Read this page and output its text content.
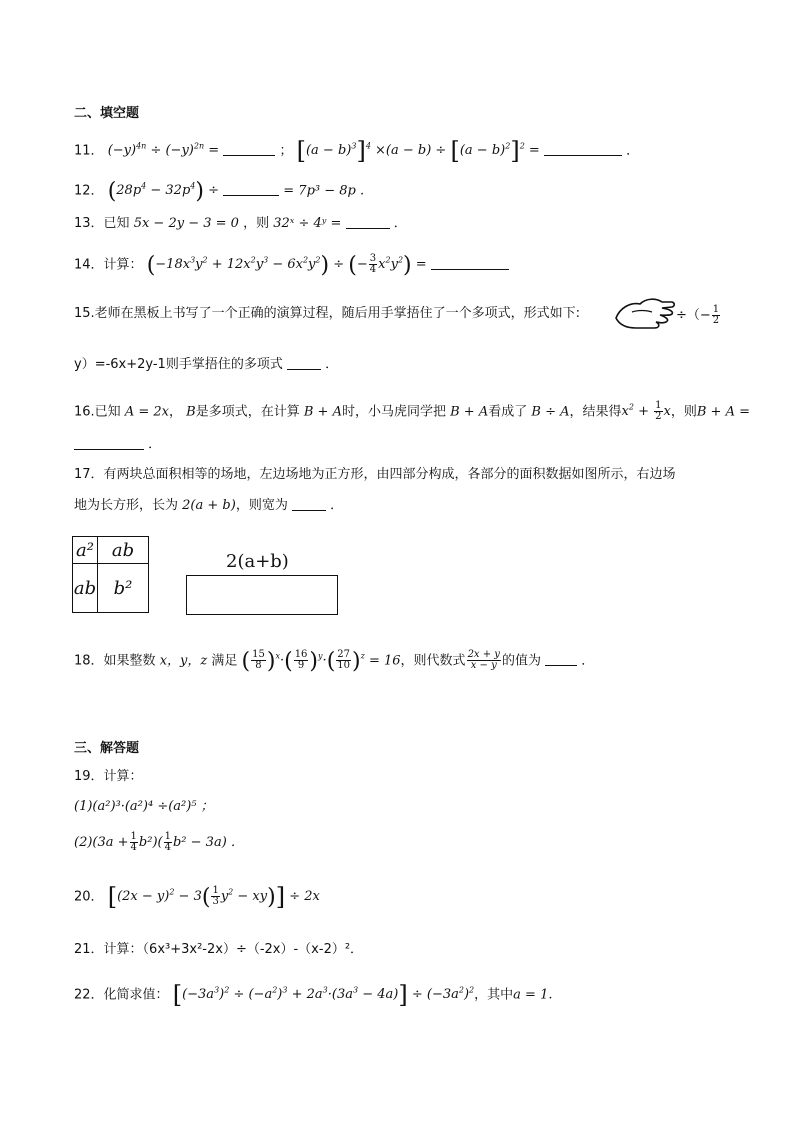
二、填空题
11． $(-y)^{4n} \div (-y)^{2n}$ =	； $[(a - b)^3]^4 \times(a - b) \div [(a - b)^2]^2$ =	．
12． $(28p^4 - 32p^4)$ ÷	= 7p³ − 8p .
13．已知 5x − 2y − 3 = 0 ，则 32ˣ ÷ 4ʸ =	．
14．计算： $(-18x^3y^2 + 12x^2y^3 - 6x^2y^2)$ ÷ (− $\frac{3}{4} x^2y^2$) =
15.老师在黑板上书写了一个正确的演算过程，随后用手掌捂住了一个多项式，形式如下:	÷（− $\frac{1}{2}$
y）=-6x+2y-1则手掌捂住的多项式	．
16.已知 A = 2x， B是多项式，在计算 B + A时，小马虎同学把 B + A看成了 B ÷ A，结果得$x^2 + \frac{1}{2}$ x，则B + A =
．
17．有两块总面积相等的场地，左边场地为正方形，由四部分构成，各部分的面积数据如图所示，右边场
地为长方形，长为 2(a + b)，则宽为	．
a²	ab
ab	b²
2(a+b)
18．如果整数 x，y，z 满足 ( $\frac{15}{8} )^x\cdot( \frac{16}{9} )^y\cdot( \frac{27}{10} )^z = 16$，则代数式 $\frac{2x + y}{x - y}$ 的值为	．
三、解答题
19．计算：
(1)(a²)³·(a²)⁴ ÷(a²)⁵ ；
$(2)(3a + \frac{1}{4} b^2)( \frac{1}{4} b^2 - 3a)$ ．
20． $[(2x - y)^2 - 3( \frac{1}{3} y^2 - xy)] \div 2x$
21．计算：（6x³+3x²-2x）÷（-2x）-（x-2）²．
22．化简求值： $[(-3a^3)^2 \div (-a^2)^3 + 2a^3\cdot(3a^3 - 4a)] \div (-3a^2)^2$，其中a = 1.
